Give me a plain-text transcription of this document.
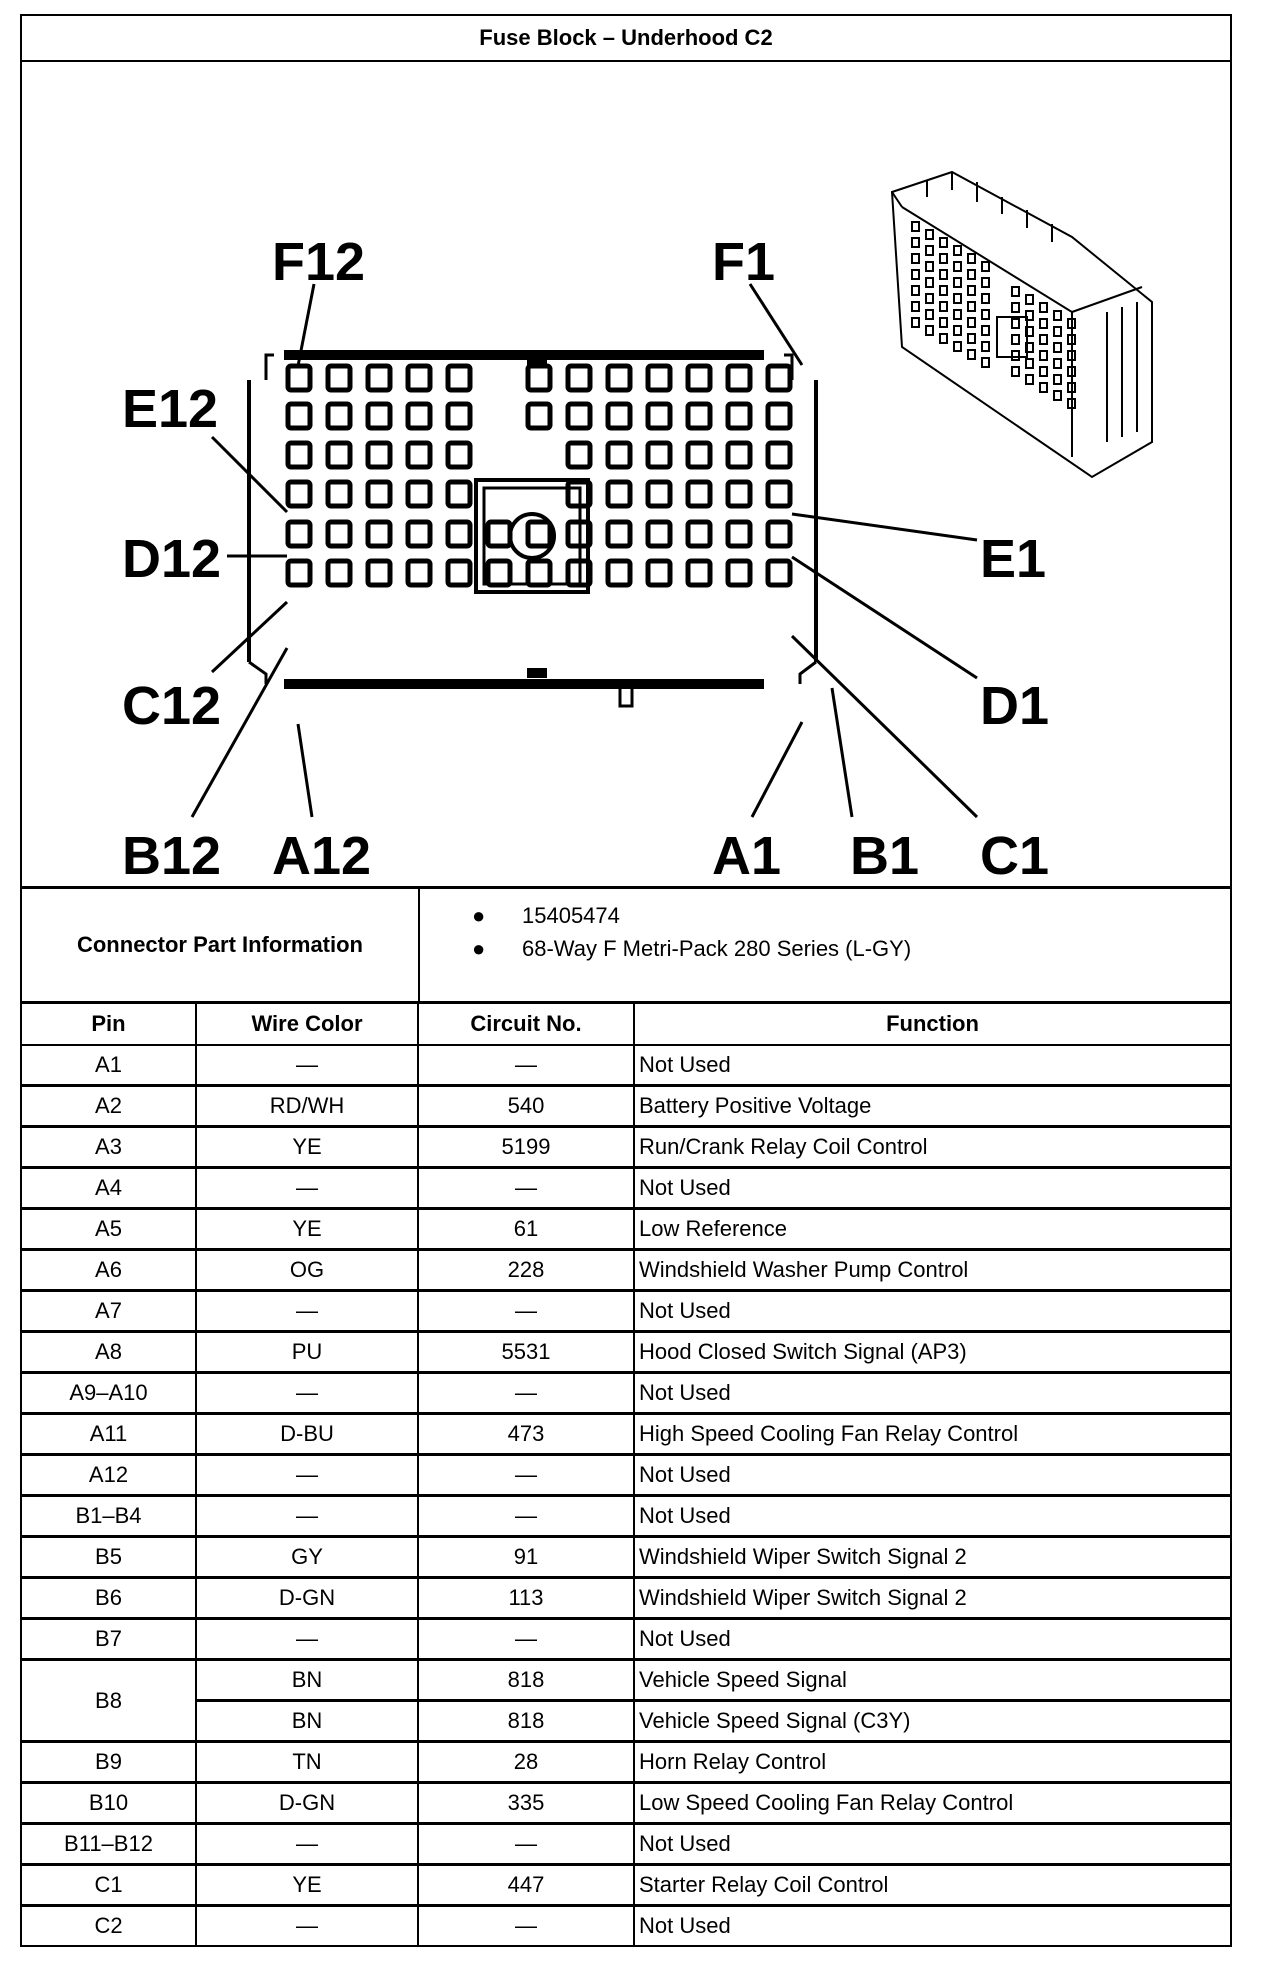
Fuse Block – Underhood C2
F12	F1
E12
E1
D12
D1
C12
C1
B12 A12	A1 B1
Connector Part Information
● 15405474
● 68-Way F Metri-Pack 280 Series (L-GY)
Pin	Wire Color	Circuit No.	Function
A1	—	—	Not Used
A2	RD/WH	540	Battery Positive Voltage
A3	YE	5199	Run/Crank Relay Coil Control
A4	—	—	Not Used
A5	YE	61	Low Reference
A6	OG	228	Windshield Washer Pump Control
A7	—	—	Not Used
A8	PU	5531	Hood Closed Switch Signal (AP3)
A9–A10	—	—	Not Used
A11	D-BU	473	High Speed Cooling Fan Relay Control
A12	—	—	Not Used
B1–B4	—	—	Not Used
B5	GY	91	Windshield Wiper Switch Signal 2
B6	D-GN	113	Windshield Wiper Switch Signal 2
B7	—	—	Not Used
B8	BN	818	Vehicle Speed Signal
	BN	818	Vehicle Speed Signal (C3Y)
B9	TN	28	Horn Relay Control
B10	D-GN	335	Low Speed Cooling Fan Relay Control
B11–B12	—	—	Not Used
C1	YE	447	Starter Relay Coil Control
C2	—	—	Not Used
